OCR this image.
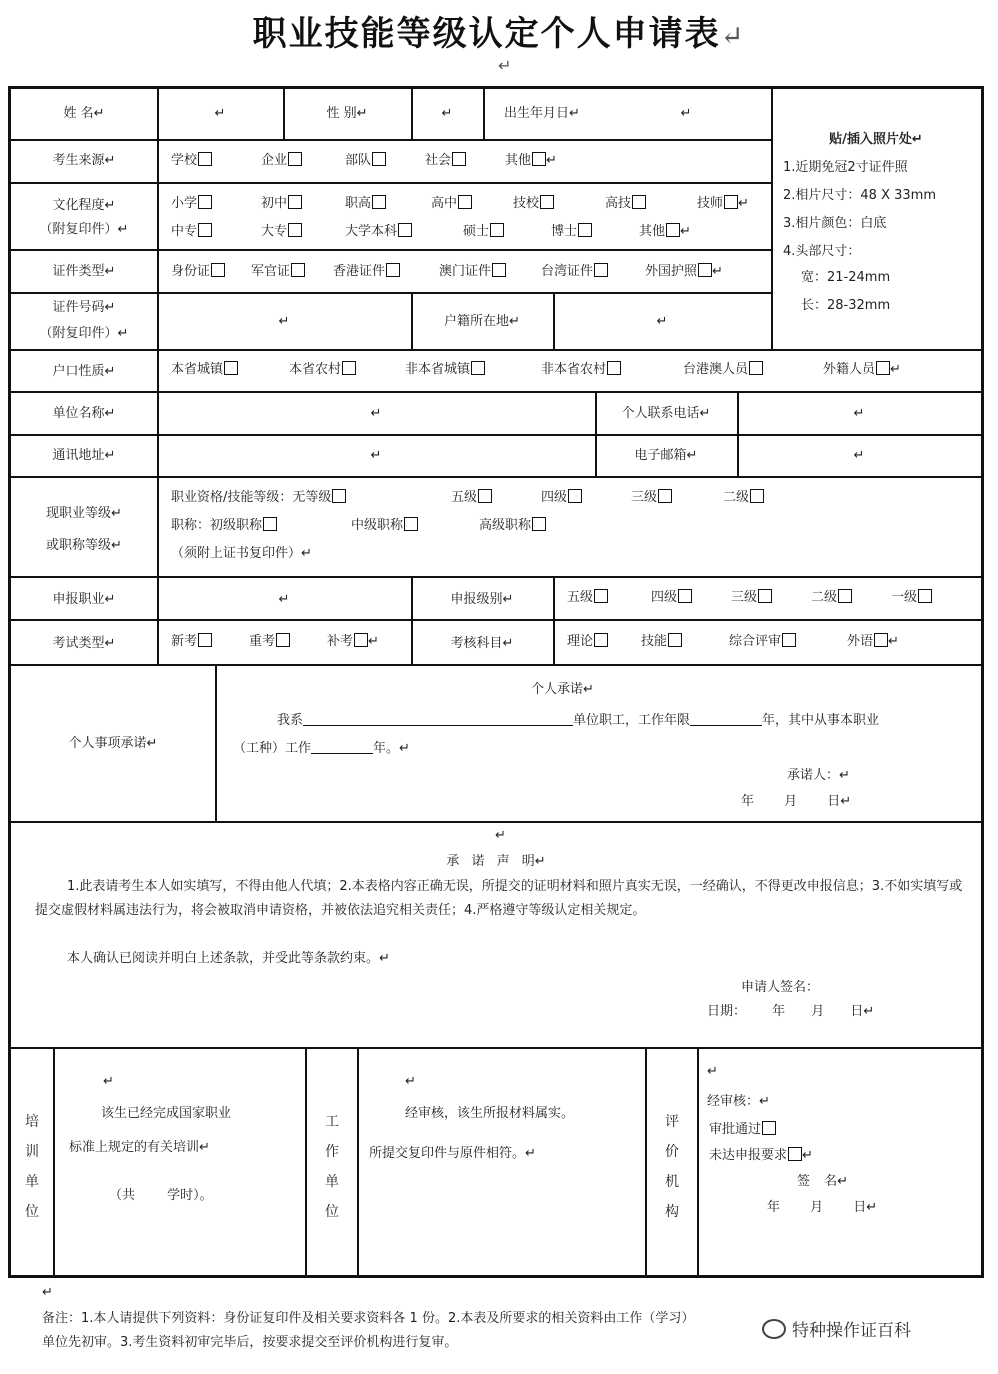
职业技能等级认定个人申请表↵
↵
姓 名↵	↵	性 别↵	↵	出生年月日↵	↵
贴/插入照片处↵
1.近期免冠2寸证件照
2.相片尺寸：48 X 33mm
3.相片颜色：白底
4.头部尺寸：
宽：21-24mm
长：28-32mm
考生来源↵	学校	企业	部队	社会	其他 ↵
文化程度↵
（附复印件）↵
小学	初中	职高	高中	技校	高技	技师 ↵
中专	大专	大学本科	硕士	博士	其他 ↵
证件类型↵	身份证	军官证	香港证件	澳门证件	台湾证件	外国护照 ↵
证件号码↵
（附复印件）↵
↵	户籍所在地↵	↵
户口性质↵	本省城镇	本省农村	非本省城镇	非本省农村	台港澳人员	外籍人员 ↵
单位名称↵	↵	个人联系电话↵	↵
通讯地址↵	↵	电子邮箱↵	↵
现职业等级↵
或职称等级↵
职业资格/技能等级：无等级	五级	四级	三级	二级
职称：初级职称	中级职称	高级职称
（须附上证书复印件）↵
申报职业↵	↵	申报级别↵	五级	四级	三级	二级	一级
考试类型↵	新考	重考	补考 ↵	考核科目↵	理论	技能	综合评审	外语 ↵
个人事项承诺↵
个人承诺↵
我系	单位职工，工作年限	年，其中从事本职业
（工种）工作	年。↵
承诺人：↵
年 月 日↵
↵
承 诺 声 明↵
1.此表请考生本人如实填写，不得由他人代填；2.本表格内容正确无误，所提交的证明材料和照片真实无误，一经确认，不得更改申报信息；3.不如实填写或提交虚假材料属违法行为，将会被取消申请资格，并被依法追究相关责任；4.严格遵守等级认定相关规定。
本人确认已阅读并明白上述条款，并受此等条款约束。↵
申请人签名：
日期： 年 月 日↵
培训单位
↵
该生已经完成国家职业
标准上规定的有关培训↵
（共 学时）。
工作单位
↵
经审核，该生所报材料属实。
所提交复印件与原件相符。↵
评价机构
↵
经审核：↵
审批通过
未达申报要求 ↵
签 名↵
年 月 日↵
↵
备注：1.本人请提供下列资料：身份证复印件及相关要求资料各 1 份。2.本表及所要求的相关资料由工作（学习）
单位先初审。3.考生资料初审完毕后，按要求提交至评价机构进行复审。
特种操作证百科
